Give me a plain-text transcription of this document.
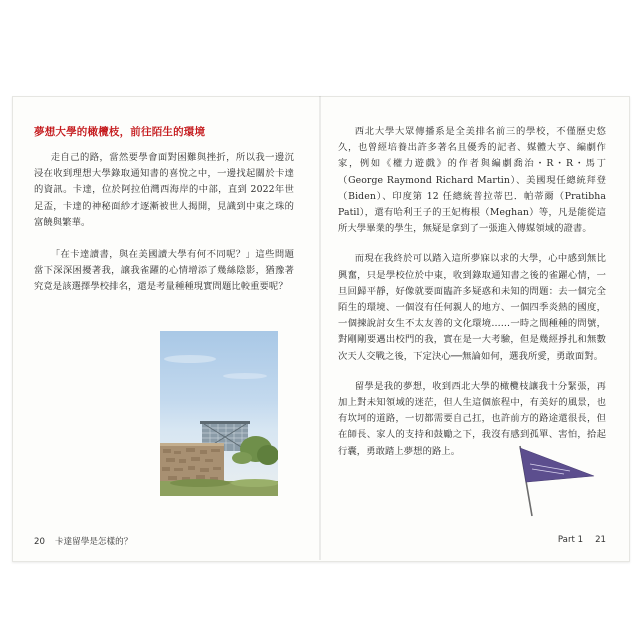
夢想大學的橄欖枝，前往陌生的環境

走自己的路，當然要學會面對困難與挫折，所以我一邊沉浸在收到理想大學錄取通知書的喜悅之中，一邊找起關於卡達的資訊。卡達，位於阿拉伯灣西海岸的中部，直到 2022年世足盃，卡達的神秘面紗才逐漸被世人揭開，見識到中東之珠的富饒與繁華。

「在卡達讀書，與在美國讀大學有何不同呢？」這些問題當下深深困擾著我，譲我雀躍的心情增添了幾絲陰影，猶豫著究竟是該選擇學校排名，還是考量種種現實問題比較重要呢？

20 卡達留學是怎樣的？

西北大學大眾傳播系是全美排名前三的學校，不僅歷史悠久，也曾經培養出許多著名且優秀的記者、媒體大亨、編劇作家，例如《權力遊戲》的作者與編劇喬治・R・R・馬丁（George Raymond Richard Martin）、美國現任總統拜登（Biden）、印度第 12 任總統普拉蒂巴．帕蒂爾（Pratibha Patil），還有哈利王子的王妃梅根（Meghan）等，凡是能從這所大學畢業的學生，無疑是拿到了一張進入傳媒領域的證書。

而現在我終於可以踏入這所夢寐以求的大學，心中感到無比興奮，只是學校位於中東，收到錄取通知書之後的雀躍心情，一旦回歸平靜，好像就要面臨許多疑惑和未知的問題：去一個完全陌生的環境、一個沒有任何親人的地方、一個四季炎熱的國度，一個揀說討女生不太友善的文化環境……一時之間種種的問號，對剛剛要邁出校門的我，實在是一大考驗，但是幾經掙扎和無數次天人交戰之後，下定決心──無論如何，選我所愛，勇敢面對。

留學是我的夢想，收到西北大學的橄欖枝讓我十分緊張，再加上對未知領域的迷茫，但人生這個旅程中，有美好的風景，也有坎坷的道路，一切都需要自己扛，也許前方的路途還很長，但在師長、家人的支持和鼓勵之下，我沒有感到孤單、害怕，拾起行囊，勇敢踏上夢想的路上。

Part 1 21
